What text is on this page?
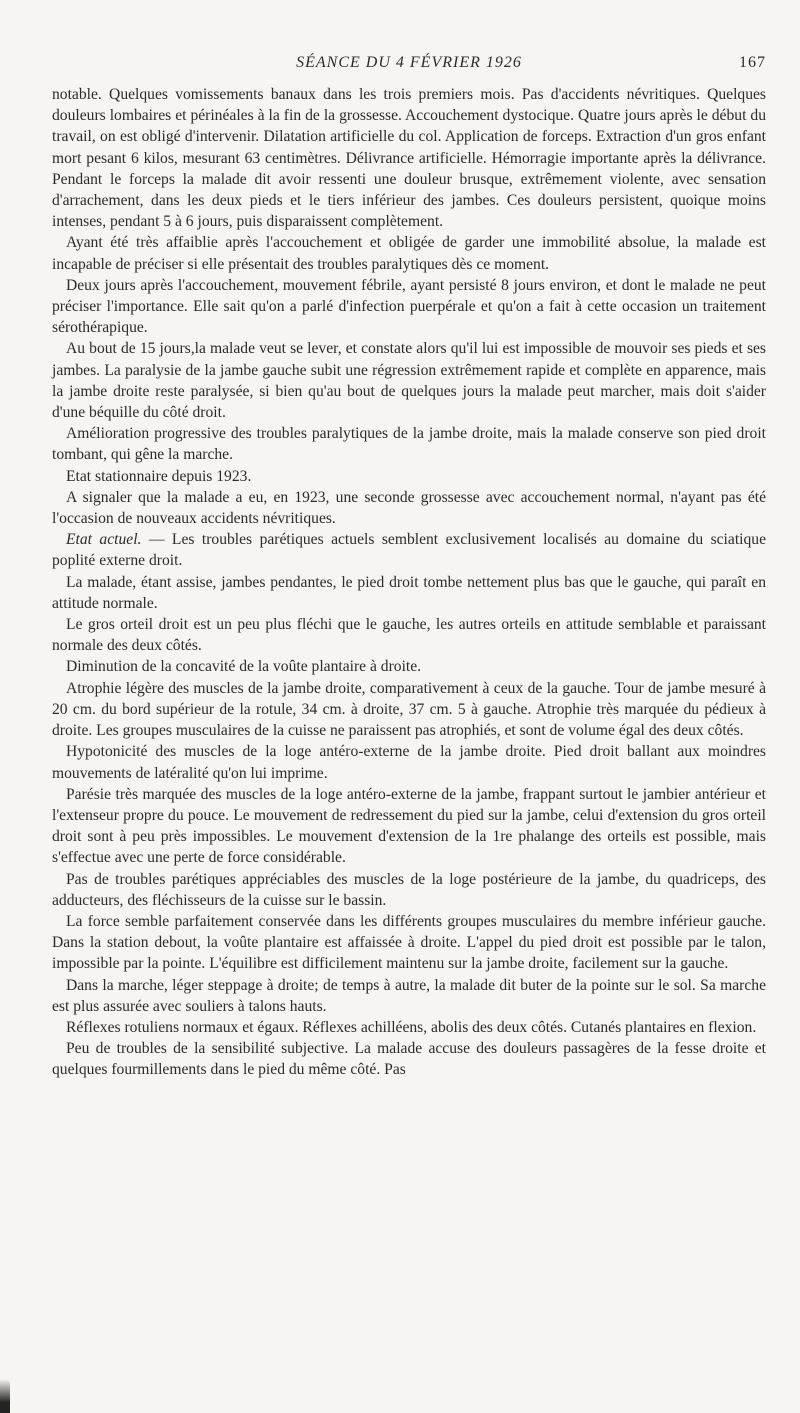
SÉANCE DU 4 FÉVRIER 1926	167

notable. Quelques vomissements banaux dans les trois premiers mois. Pas d'accidents névritiques. Quelques douleurs lombaires et périnéales à la fin de la grossesse. Accouchement dystocique. Quatre jours après le début du travail, on est obligé d'intervenir. Dilatation artificielle du col. Application de forceps. Extraction d'un gros enfant mort pesant 6 kilos, mesurant 63 centimètres. Délivrance artificielle. Hémorragie importante après la délivrance. Pendant le forceps la malade dit avoir ressenti une douleur brusque, extrêmement violente, avec sensation d'arrachement, dans les deux pieds et le tiers inférieur des jambes. Ces douleurs persistent, quoique moins intenses, pendant 5 à 6 jours, puis disparaissent complètement.

Ayant été très affaiblie après l'accouchement et obligée de garder une immobilité absolue, la malade est incapable de préciser si elle présentait des troubles paralytiques dès ce moment.

Deux jours après l'accouchement, mouvement fébrile, ayant persisté 8 jours environ, et dont le malade ne peut préciser l'importance. Elle sait qu'on a parlé d'infection puerpérale et qu'on a fait à cette occasion un traitement sérothérapique.

Au bout de 15 jours,la malade veut se lever, et constate alors qu'il lui est impossible de mouvoir ses pieds et ses jambes. La paralysie de la jambe gauche subit une régression extrêmement rapide et complète en apparence, mais la jambe droite reste paralysée, si bien qu'au bout de quelques jours la malade peut marcher, mais doit s'aider d'une béquille du côté droit.

Amélioration progressive des troubles paralytiques de la jambe droite, mais la malade conserve son pied droit tombant, qui gêne la marche.

Etat stationnaire depuis 1923.

A signaler que la malade a eu, en 1923, une seconde grossesse avec accouchement normal, n'ayant pas été l'occasion de nouveaux accidents névritiques.

Etat actuel. — Les troubles parétiques actuels semblent exclusivement localisés au domaine du sciatique poplité externe droit.

La malade, étant assise, jambes pendantes, le pied droit tombe nettement plus bas que le gauche, qui paraît en attitude normale.

Le gros orteil droit est un peu plus fléchi que le gauche, les autres orteils en attitude semblable et paraissant normale des deux côtés.

Diminution de la concavité de la voûte plantaire à droite.

Atrophie légère des muscles de la jambe droite, comparativement à ceux de la gauche. Tour de jambe mesuré à 20 cm. du bord supérieur de la rotule, 34 cm. à droite, 37 cm. 5 à gauche. Atrophie très marquée du pédieux à droite. Les groupes musculaires de la cuisse ne paraissent pas atrophiés, et sont de volume égal des deux côtés.

Hypotonicité des muscles de la loge antéro-externe de la jambe droite. Pied droit ballant aux moindres mouvements de latéralité qu'on lui imprime.

Parésie très marquée des muscles de la loge antéro-externe de la jambe, frappant surtout le jambier antérieur et l'extenseur propre du pouce. Le mouvement de redressement du pied sur la jambe, celui d'extension du gros orteil droit sont à peu près impossibles. Le mouvement d'extension de la 1re phalange des orteils est possible, mais s'effectue avec une perte de force considérable.

Pas de troubles parétiques appréciables des muscles de la loge postérieure de la jambe, du quadriceps, des adducteurs, des fléchisseurs de la cuisse sur le bassin.

La force semble parfaitement conservée dans les différents groupes musculaires du membre inférieur gauche. Dans la station debout, la voûte plantaire est affaissée à droite. L'appel du pied droit est possible par le talon, impossible par la pointe. L'équilibre est difficilement maintenu sur la jambe droite, facilement sur la gauche.

Dans la marche, léger steppage à droite; de temps à autre, la malade dit buter de la pointe sur le sol. Sa marche est plus assurée avec souliers à talons hauts.

Réflexes rotuliens normaux et égaux. Réflexes achilléens, abolis des deux côtés. Cutanés plantaires en flexion.

Peu de troubles de la sensibilité subjective. La malade accuse des douleurs passagères de la fesse droite et quelques fourmillements dans le pied du même côté. Pas
